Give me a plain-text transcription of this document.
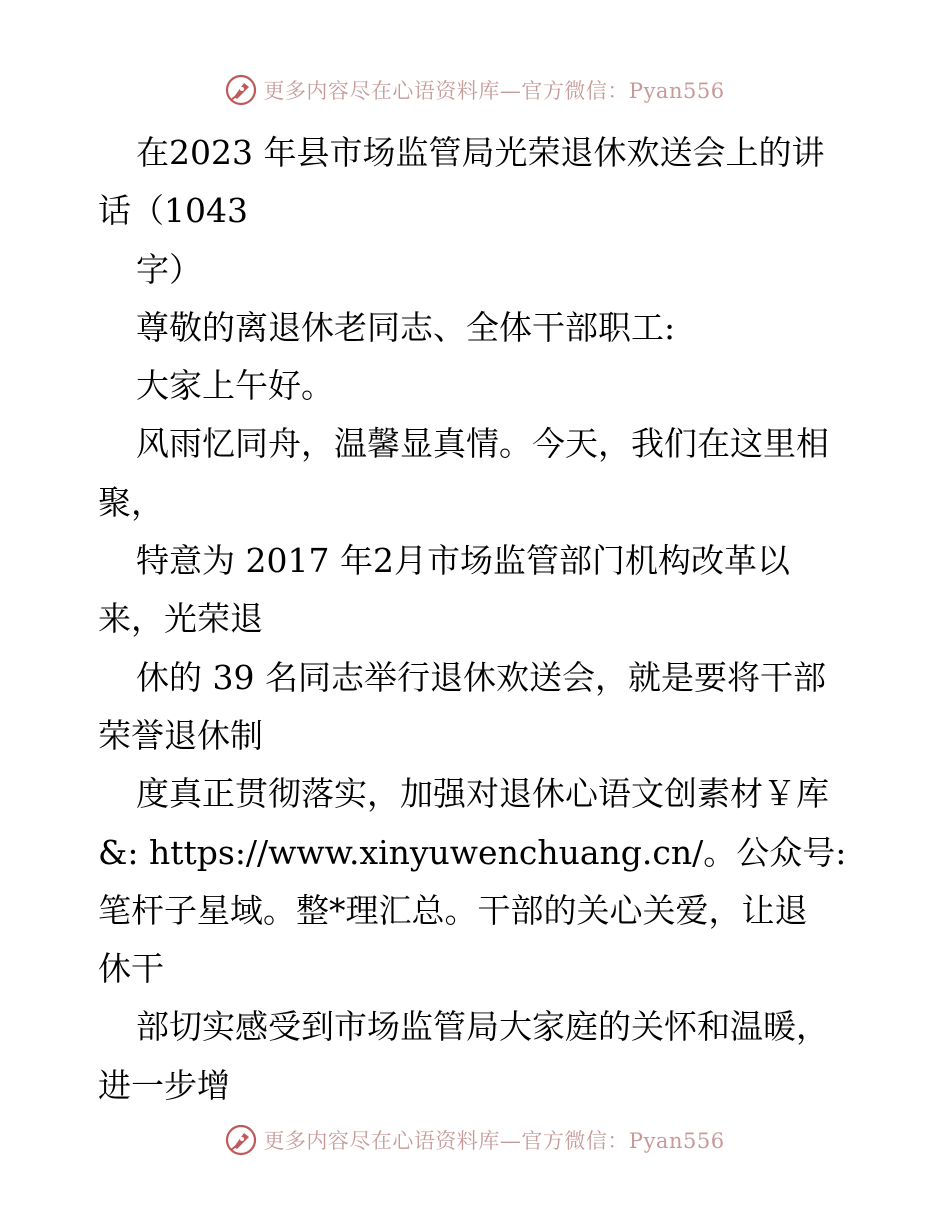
更多内容尽在心语资料库—官方微信：Pyan556
在2023 年县市场监管局光荣退休欢送会上的讲
话（1043
字）
尊敬的离退休老同志、全体干部职工:
大家上午好。
风雨忆同舟，温馨显真情。今天，我们在这里相
聚，
特意为 2017 年2月市场监管部门机构改革以
来，光荣退
休的 39 名同志举行退休欢送会，就是要将干部
荣誉退休制
度真正贯彻落实，加强对退休心语文创素材￥库
&: https://www.xinyuwenchuang.cn/。公众号:
笔杆子星域。整*理汇总。干部的关心关爱，让退
休干
部切实感受到市场监管局大家庭的关怀和温暖，
进一步增
更多内容尽在心语资料库—官方微信：Pyan556
